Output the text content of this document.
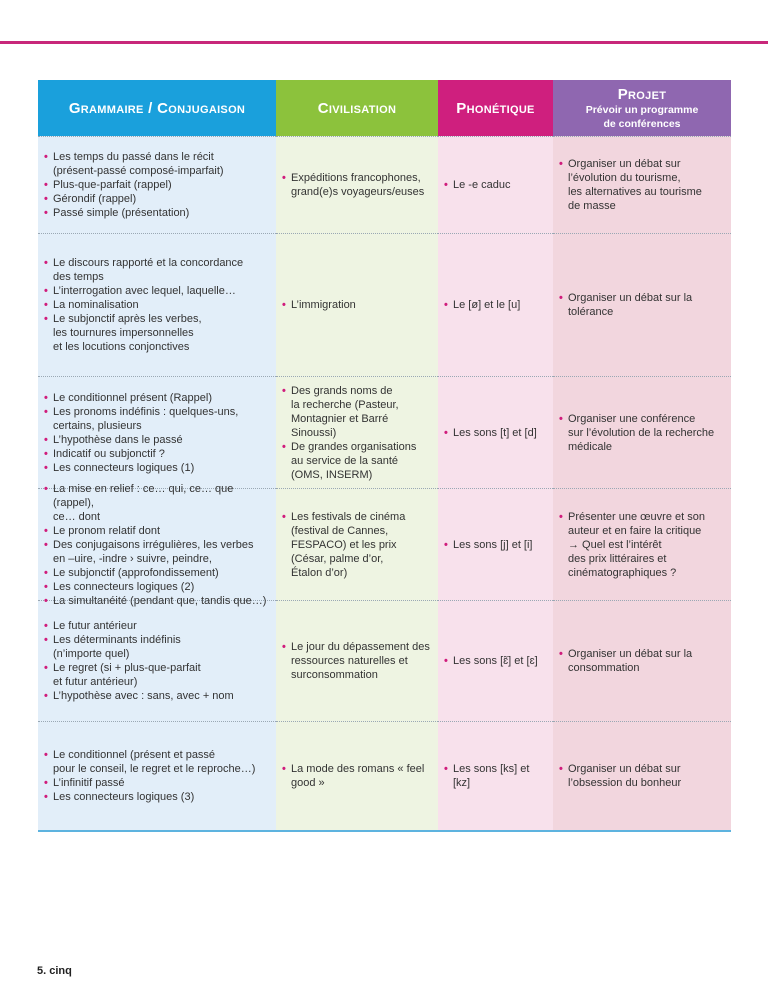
Grammaire / Conjugaison	Civilisation	Phonétique
Projet
Prévoir un programme
de conférences
• Les temps du passé dans le récit
(présent-passé composé-imparfait)
• Plus-que-parfait (rappel)
• Gérondif (rappel)
• Passé simple (présentation)
• Expéditions francophones,
grand(e)s voyageurs/euses
• Le -e caduc
• Organiser un débat sur
l’évolution du tourisme,
les alternatives au tourisme
de masse
• Le discours rapporté et la concordance
des temps
• L’interrogation avec lequel, laquelle…
• La nominalisation
• Le subjonctif après les verbes,
les tournures impersonnelles
et les locutions conjonctives
• L’immigration
•	Le [ø] et le [u]
• Organiser un débat sur la
tolérance
• Le conditionnel présent (Rappel)
• Les pronoms indéfinis : quelques-uns,
certains, plusieurs
• L’hypothèse dans le passé
• Indicatif ou subjonctif ?
• Les connecteurs logiques (1)
• Des grands noms de
la recherche (Pasteur,
Montagnier et Barré
Sinoussi)
• De grandes organisations
au service de la santé
(OMS, INSERM)
• Les sons [t] et [d]
• Organiser une conférence
sur l’évolution de la recherche
médicale
• La mise en relief : ce… qui, ce… que (rappel),
ce… dont
• Le pronom relatif dont
• Des conjugaisons irrégulières, les verbes
en –uire, -indre › suivre, peindre,
• Le subjonctif (approfondissement)
• Les connecteurs logiques (2)
• La simultanéité (pendant que, tandis que…)
• Les festivals de cinéma
(festival de Cannes,
FESPACO) et les prix
(César, palme d’or,
Étalon d’or)
• Les sons [j] et [i]
• Présenter une œuvre et son
auteur et en faire la critique
→ Quel est l’intérêt
des prix littéraires et
cinématographiques ?
• Le futur antérieur
• Les déterminants indéfinis
(n’importe quel)
• Le regret (si + plus-que-parfait
et futur antérieur)
• L’hypothèse avec : sans, avec + nom
• Le jour du dépassement des
ressources naturelles et
surconsommation
• Les sons [ɛ̃] et [ɛ]
• Organiser un débat sur la
consommation
• Le conditionnel (présent et passé
pour le conseil, le regret et le reproche…)
• L’infinitif passé
• Les connecteurs logiques (3)
• La mode des romans « feel
good »
• Les sons [ks] et
[kz]
• Organiser un débat sur
l’obsession du bonheur
5. cinq
